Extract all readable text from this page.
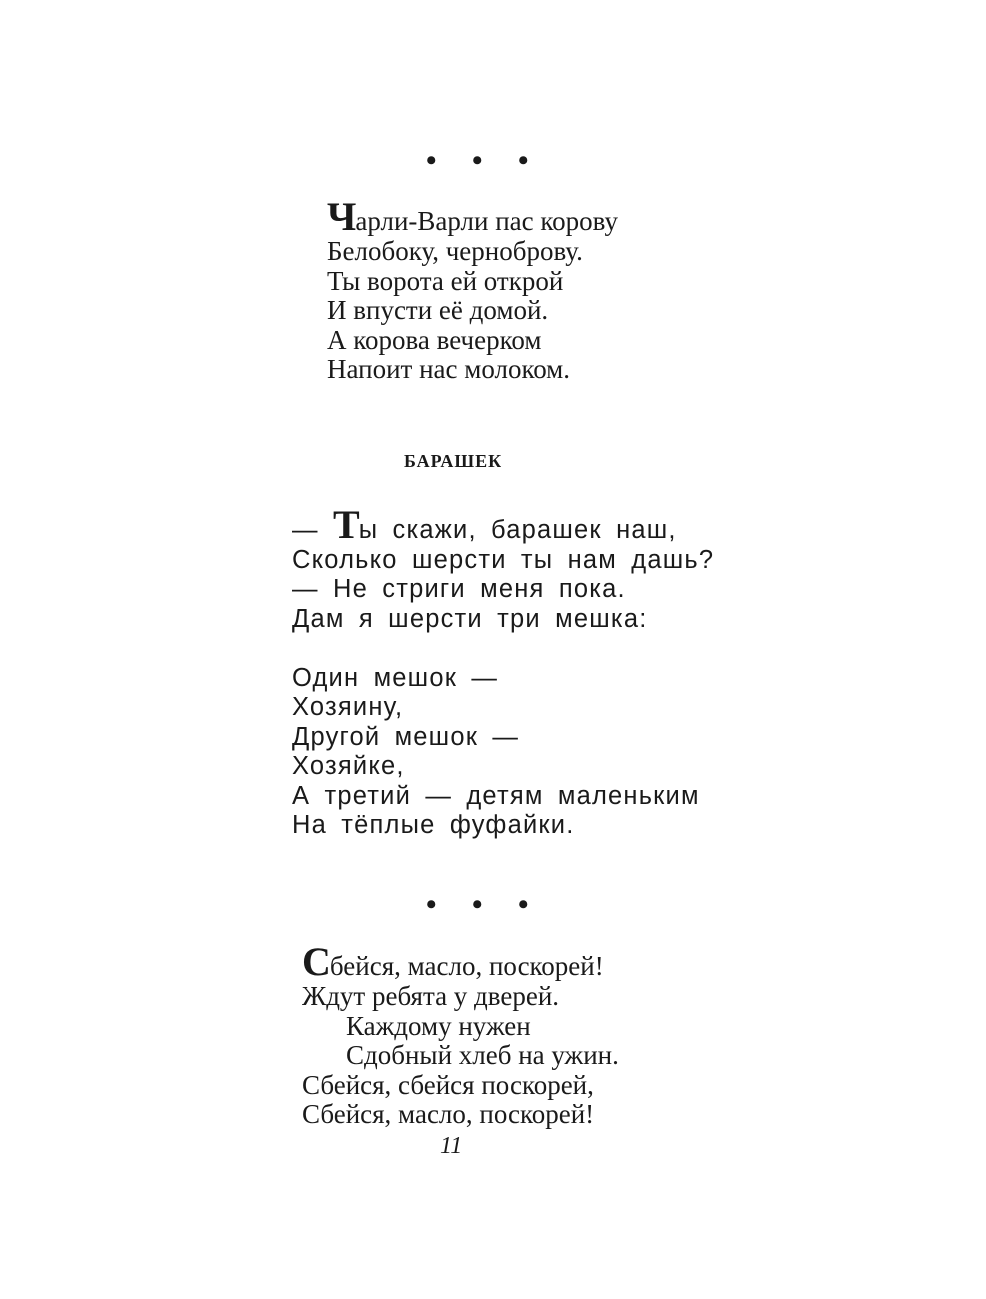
• • •
Чарли-Варли пас корову
Белобоку, черноброву.
Ты ворота ей открой
И впусти её домой.
А корова вечерком
Напоит нас молоком.
БАРАШЕК
— Ты скажи, барашек наш,
Сколько шерсти ты нам дашь?
— Не стриги меня пока.
Дам я шерсти три мешка:
Один мешок —
Хозяину,
Другой мешок —
Хозяйке,
А третий — детям маленьким
На тёплые фуфайки.
• • •
Сбейся, масло, поскорей!
Ждут ребята у дверей.
Каждому нужен
Сдобный хлеб на ужин.
Сбейся, сбейся поскорей,
Сбейся, масло, поскорей!
11
